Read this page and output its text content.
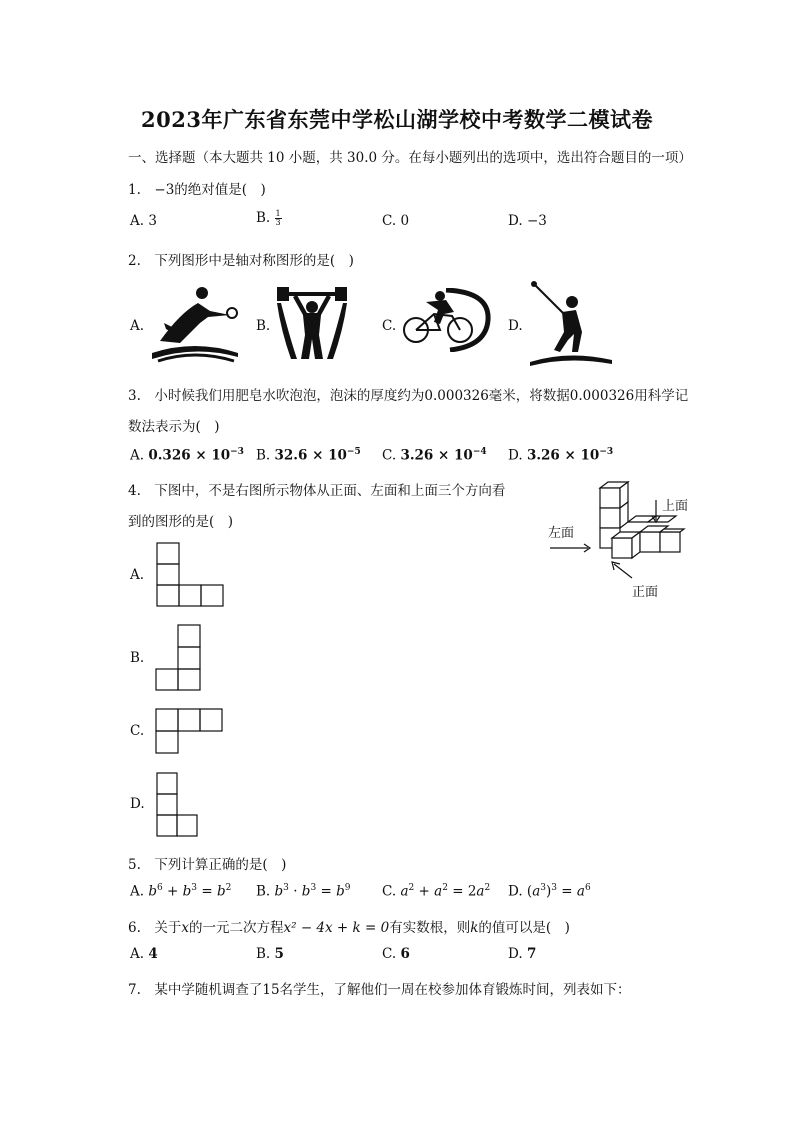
2023年广东省东莞中学松山湖学校中考数学二模试卷
一、选择题（本大题共 10 小题，共 30.0 分。在每小题列出的选项中，选出符合题目的一项）
1.　−3的绝对值是(　)
A. 3	B. $\frac{1}{3}$	C. 0	D. −3
2.　下列图形中是轴对称图形的是(　)
A.	B.	C.	D.
3.　小时候我们用肥皂水吹泡泡，泡沫的厚度约为0.000326毫米，将数据0.000326用科学记
数法表示为(　)
A. $0.326 \times 10^{-3}$ B. $32.6 \times 10^{-5}$ C. $3.26 \times 10^{-4}$ D. $3.26 \times 10^{-3}$
4.　下图中，不是右图所示物体从正面、左面和上面三个方向看
到的图形的是(　)
上面
左面
正面
A.
B.
C.
D.
5.　下列计算正确的是(　)
A. $b^6 + b^3 = b^2$ B. $b^3 \cdot b^3 = b^9$ C. $a^2 + a^2 = 2a^2$ D. $(a^3)^3 = a^6$
6.　关于x的一元二次方程x² − 4x + k = 0有实数根，则k的值可以是(　)
A. 4	B. 5	C. 6	D. 7
7.　某中学随机调查了15名学生，了解他们一周在校参加体育锻炼时间，列表如下：
